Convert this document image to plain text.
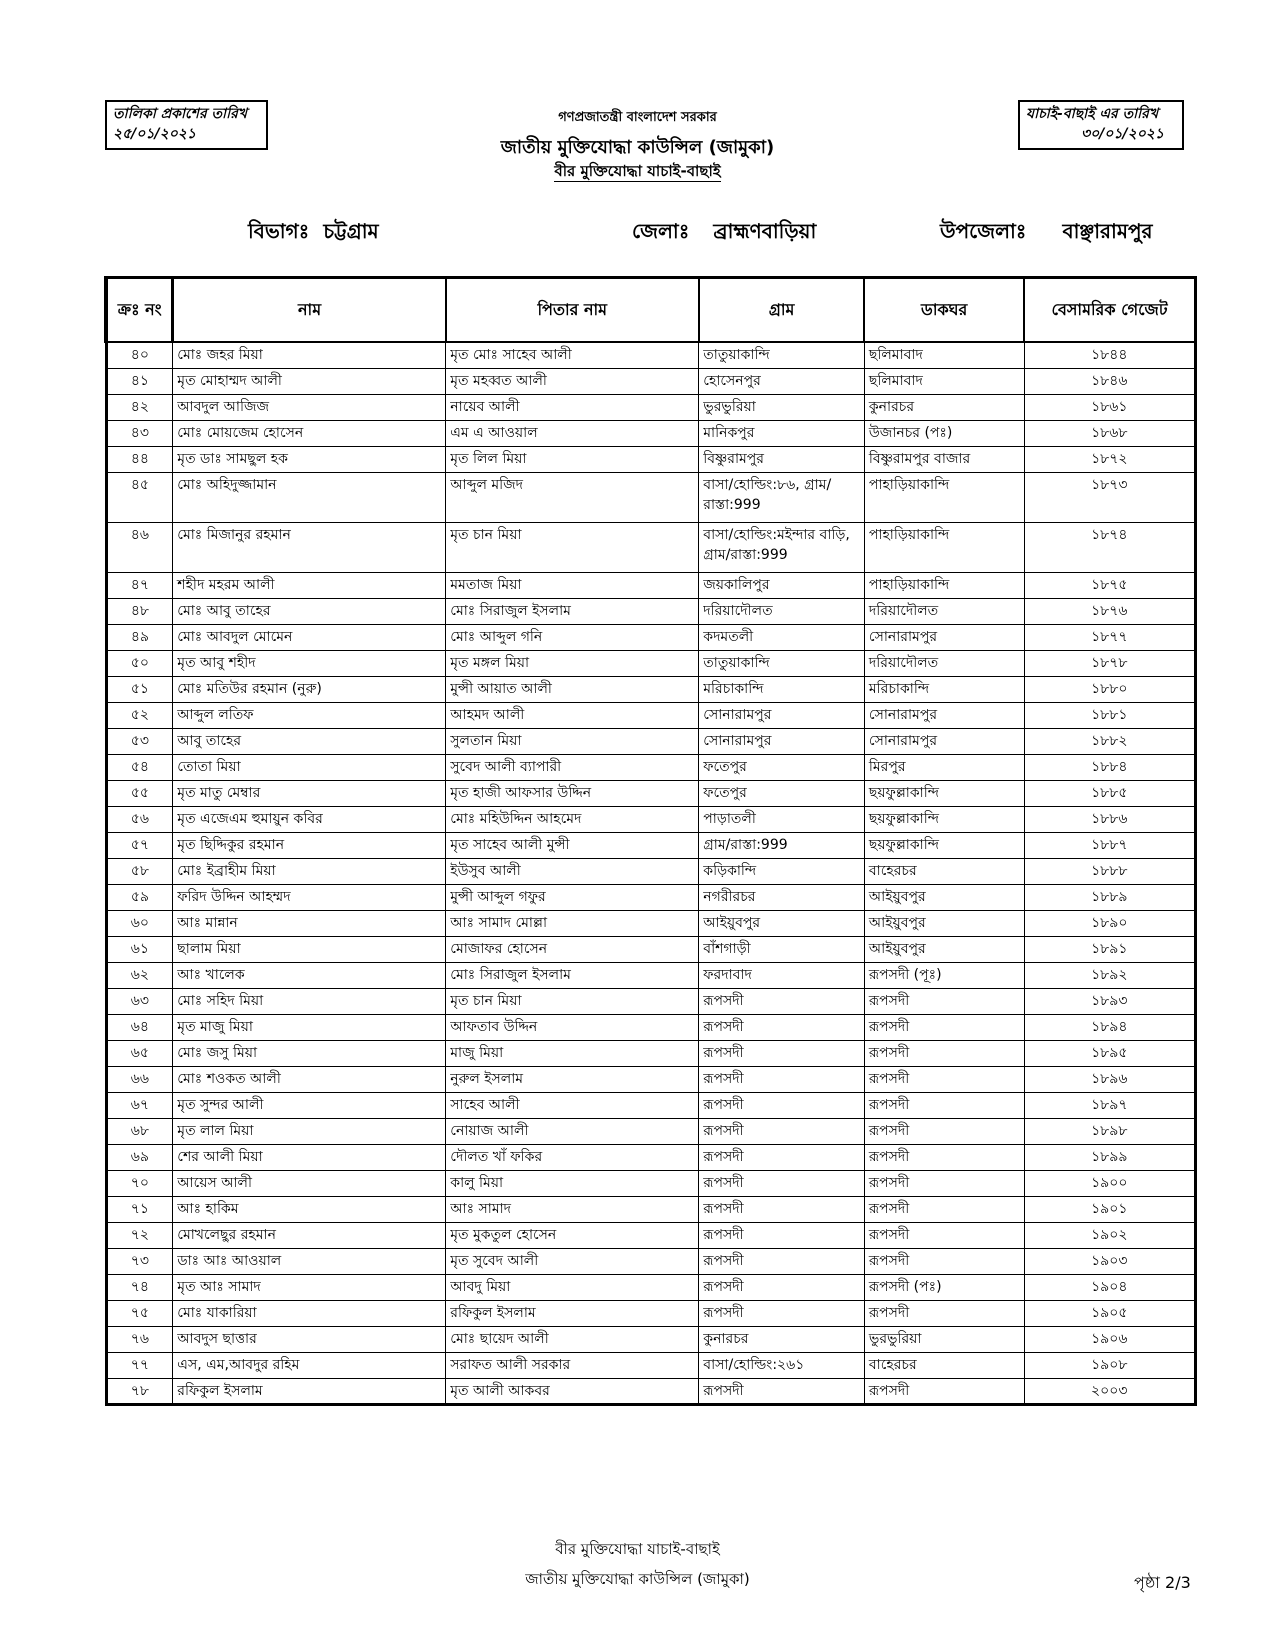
তালিকা প্রকাশের তারিখ
২৫/০১/২০২১
যাচাই-বাছাই এর তারিখ
৩০/০১/২০২১
গণপ্রজাতন্ত্রী বাংলাদেশ সরকার
জাতীয় মুক্তিযোদ্ধা কাউন্সিল (জামুকা)
বীর মুক্তিযোদ্ধা যাচাই-বাছাই
বিভাগঃ চট্টগ্রাম	জেলাঃ ব্রাহ্মণবাড়িয়া	উপজেলাঃ বাঞ্ছারামপুর
ক্রঃ নং	নাম	পিতার নাম	গ্রাম	ডাকঘর	বেসামরিক গেজেট
৪০	মোঃ জহর মিয়া	মৃত মোঃ সাহেব আলী	তাতুয়াকান্দি	ছলিমাবাদ	১৮৪৪
৪১	মৃত মোহাম্মদ আলী	মৃত মহব্বত আলী	হোসেনপুর	ছলিমাবাদ	১৮৪৬
৪২	আবদুল আজিজ	নায়েব আলী	ভুরভুরিয়া	কুনারচর	১৮৬১
৪৩	মোঃ মোয়জেম হোসেন	এম এ আওয়াল	মানিকপুর	উজানচর (পঃ)	১৮৬৮
৪৪	মৃত ডাঃ সামছুল হক	মৃত লিল মিয়া	বিষ্ণুরামপুর	বিষ্ণুরামপুর বাজার	১৮৭২
৪৫	মোঃ অহিদুজ্জামান	আব্দুল মজিদ	বাসা/হোল্ডিং:৮৬, গ্রাম/রাস্তা:999	পাহাড়িয়াকান্দি	১৮৭৩
৪৬	মোঃ মিজানুর রহমান	মৃত চান মিয়া	বাসা/হোল্ডিং:মইন্দার বাড়ি, গ্রাম/রাস্তা:999	পাহাড়িয়াকান্দি	১৮৭৪
৪৭	শহীদ মহরম আলী	মমতাজ মিয়া	জয়কালিপুর	পাহাড়িয়াকান্দি	১৮৭৫
৪৮	মোঃ আবু তাহের	মোঃ সিরাজুল ইসলাম	দরিয়াদৌলত	দরিয়াদৌলত	১৮৭৬
৪৯	মোঃ আবদুল মোমেন	মোঃ আব্দুল গনি	কদমতলী	সোনারামপুর	১৮৭৭
৫০	মৃত আবু শহীদ	মৃত মঙ্গল মিয়া	তাতুয়াকান্দি	দরিয়াদৌলত	১৮৭৮
৫১	মোঃ মতিউর রহমান (নুরু)	মুন্সী আয়াত আলী	মরিচাকান্দি	মরিচাকান্দি	১৮৮০
৫২	আব্দুল লতিফ	আহমদ আলী	সোনারামপুর	সোনারামপুর	১৮৮১
৫৩	আবু তাহের	সুলতান মিয়া	সোনারামপুর	সোনারামপুর	১৮৮২
৫৪	তোতা মিয়া	সুবেদ আলী ব্যাপারী	ফতেপুর	মিরপুর	১৮৮৪
৫৫	মৃত মাতু মেম্বার	মৃত হাজী আফসার উদ্দিন	ফতেপুর	ছয়ফুল্লাকান্দি	১৮৮৫
৫৬	মৃত এজেএম হুমায়ুন কবির	মোঃ মহিউদ্দিন আহমেদ	পাড়াতলী	ছয়ফুল্লাকান্দি	১৮৮৬
৫৭	মৃত ছিদ্দিকুর রহমান	মৃত সাহেব আলী মুন্সী	গ্রাম/রাস্তা:999	ছয়ফুল্লাকান্দি	১৮৮৭
৫৮	মোঃ ইব্রাহীম মিয়া	ইউসুব আলী	কড়িকান্দি	বাহেরচর	১৮৮৮
৫৯	ফরিদ উদ্দিন আহম্মদ	মুন্সী আব্দুল গফুর	নগরীরচর	আইয়ুবপুর	১৮৮৯
৬০	আঃ মান্নান	আঃ সামাদ মোল্লা	আইয়ুবপুর	আইয়ুবপুর	১৮৯০
৬১	ছালাম মিয়া	মোজাফর হোসেন	বাঁশগাড়ী	আইয়ুবপুর	১৮৯১
৬২	আঃ খালেক	মোঃ সিরাজুল ইসলাম	ফরদাবাদ	রূপসদী (পূঃ)	১৮৯২
৬৩	মোঃ সহিদ মিয়া	মৃত চান মিয়া	রূপসদী	রূপসদী	১৮৯৩
৬৪	মৃত মাজু মিয়া	আফতাব উদ্দিন	রূপসদী	রূপসদী	১৮৯৪
৬৫	মোঃ জসু মিয়া	মাজু মিয়া	রূপসদী	রূপসদী	১৮৯৫
৬৬	মোঃ শওকত আলী	নুরুল ইসলাম	রূপসদী	রূপসদী	১৮৯৬
৬৭	মৃত সুন্দর আলী	সাহেব আলী	রূপসদী	রূপসদী	১৮৯৭
৬৮	মৃত লাল মিয়া	নোয়াজ আলী	রূপসদী	রূপসদী	১৮৯৮
৬৯	শের আলী মিয়া	দৌলত খাঁ ফকির	রূপসদী	রূপসদী	১৮৯৯
৭০	আয়েস আলী	কালু মিয়া	রূপসদী	রূপসদী	১৯০০
৭১	আঃ হাকিম	আঃ সামাদ	রূপসদী	রূপসদী	১৯০১
৭২	মোখলেছুর রহমান	মৃত মুকতুল হোসেন	রূপসদী	রূপসদী	১৯০২
৭৩	ডাঃ আঃ আওয়াল	মৃত সুবেদ আলী	রূপসদী	রূপসদী	১৯০৩
৭৪	মৃত আঃ সামাদ	আবদু মিয়া	রূপসদী	রূপসদী (পঃ)	১৯০৪
৭৫	মোঃ যাকারিয়া	রফিকুল ইসলাম	রূপসদী	রূপসদী	১৯০৫
৭৬	আবদুস ছাত্তার	মোঃ ছায়েদ আলী	কুনারচর	ভুরভুরিয়া	১৯০৬
৭৭	এস, এম,আবদুর রহিম	সরাফত আলী সরকার	বাসা/হোল্ডিং:২৬১	বাহেরচর	১৯০৮
৭৮	রফিকুল ইসলাম	মৃত আলী আকবর	রূপসদী	রূপসদী	২০০৩
বীর মুক্তিযোদ্ধা যাচাই-বাছাই
জাতীয় মুক্তিযোদ্ধা কাউন্সিল (জামুকা)	পৃষ্ঠা 2/3
